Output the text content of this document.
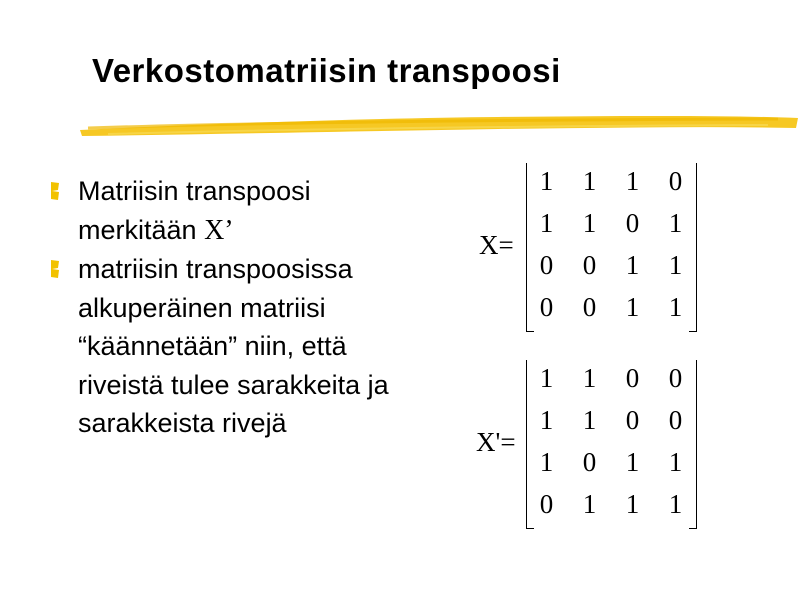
Verkostomatriisin transpoosi
Matriisin transpoosi merkitään X’
matriisin transpoosissa alkuperäinen matriisi “käännetään” niin, että riveistä tulee sarakkeita ja sarakkeista rivejä
X=
1	1	1	0
1	1	0	1
0	0	1	1
0	0	1	1
X'=
1	1	0	0
1	1	0	0
1	0	1	1
0	1	1	1
